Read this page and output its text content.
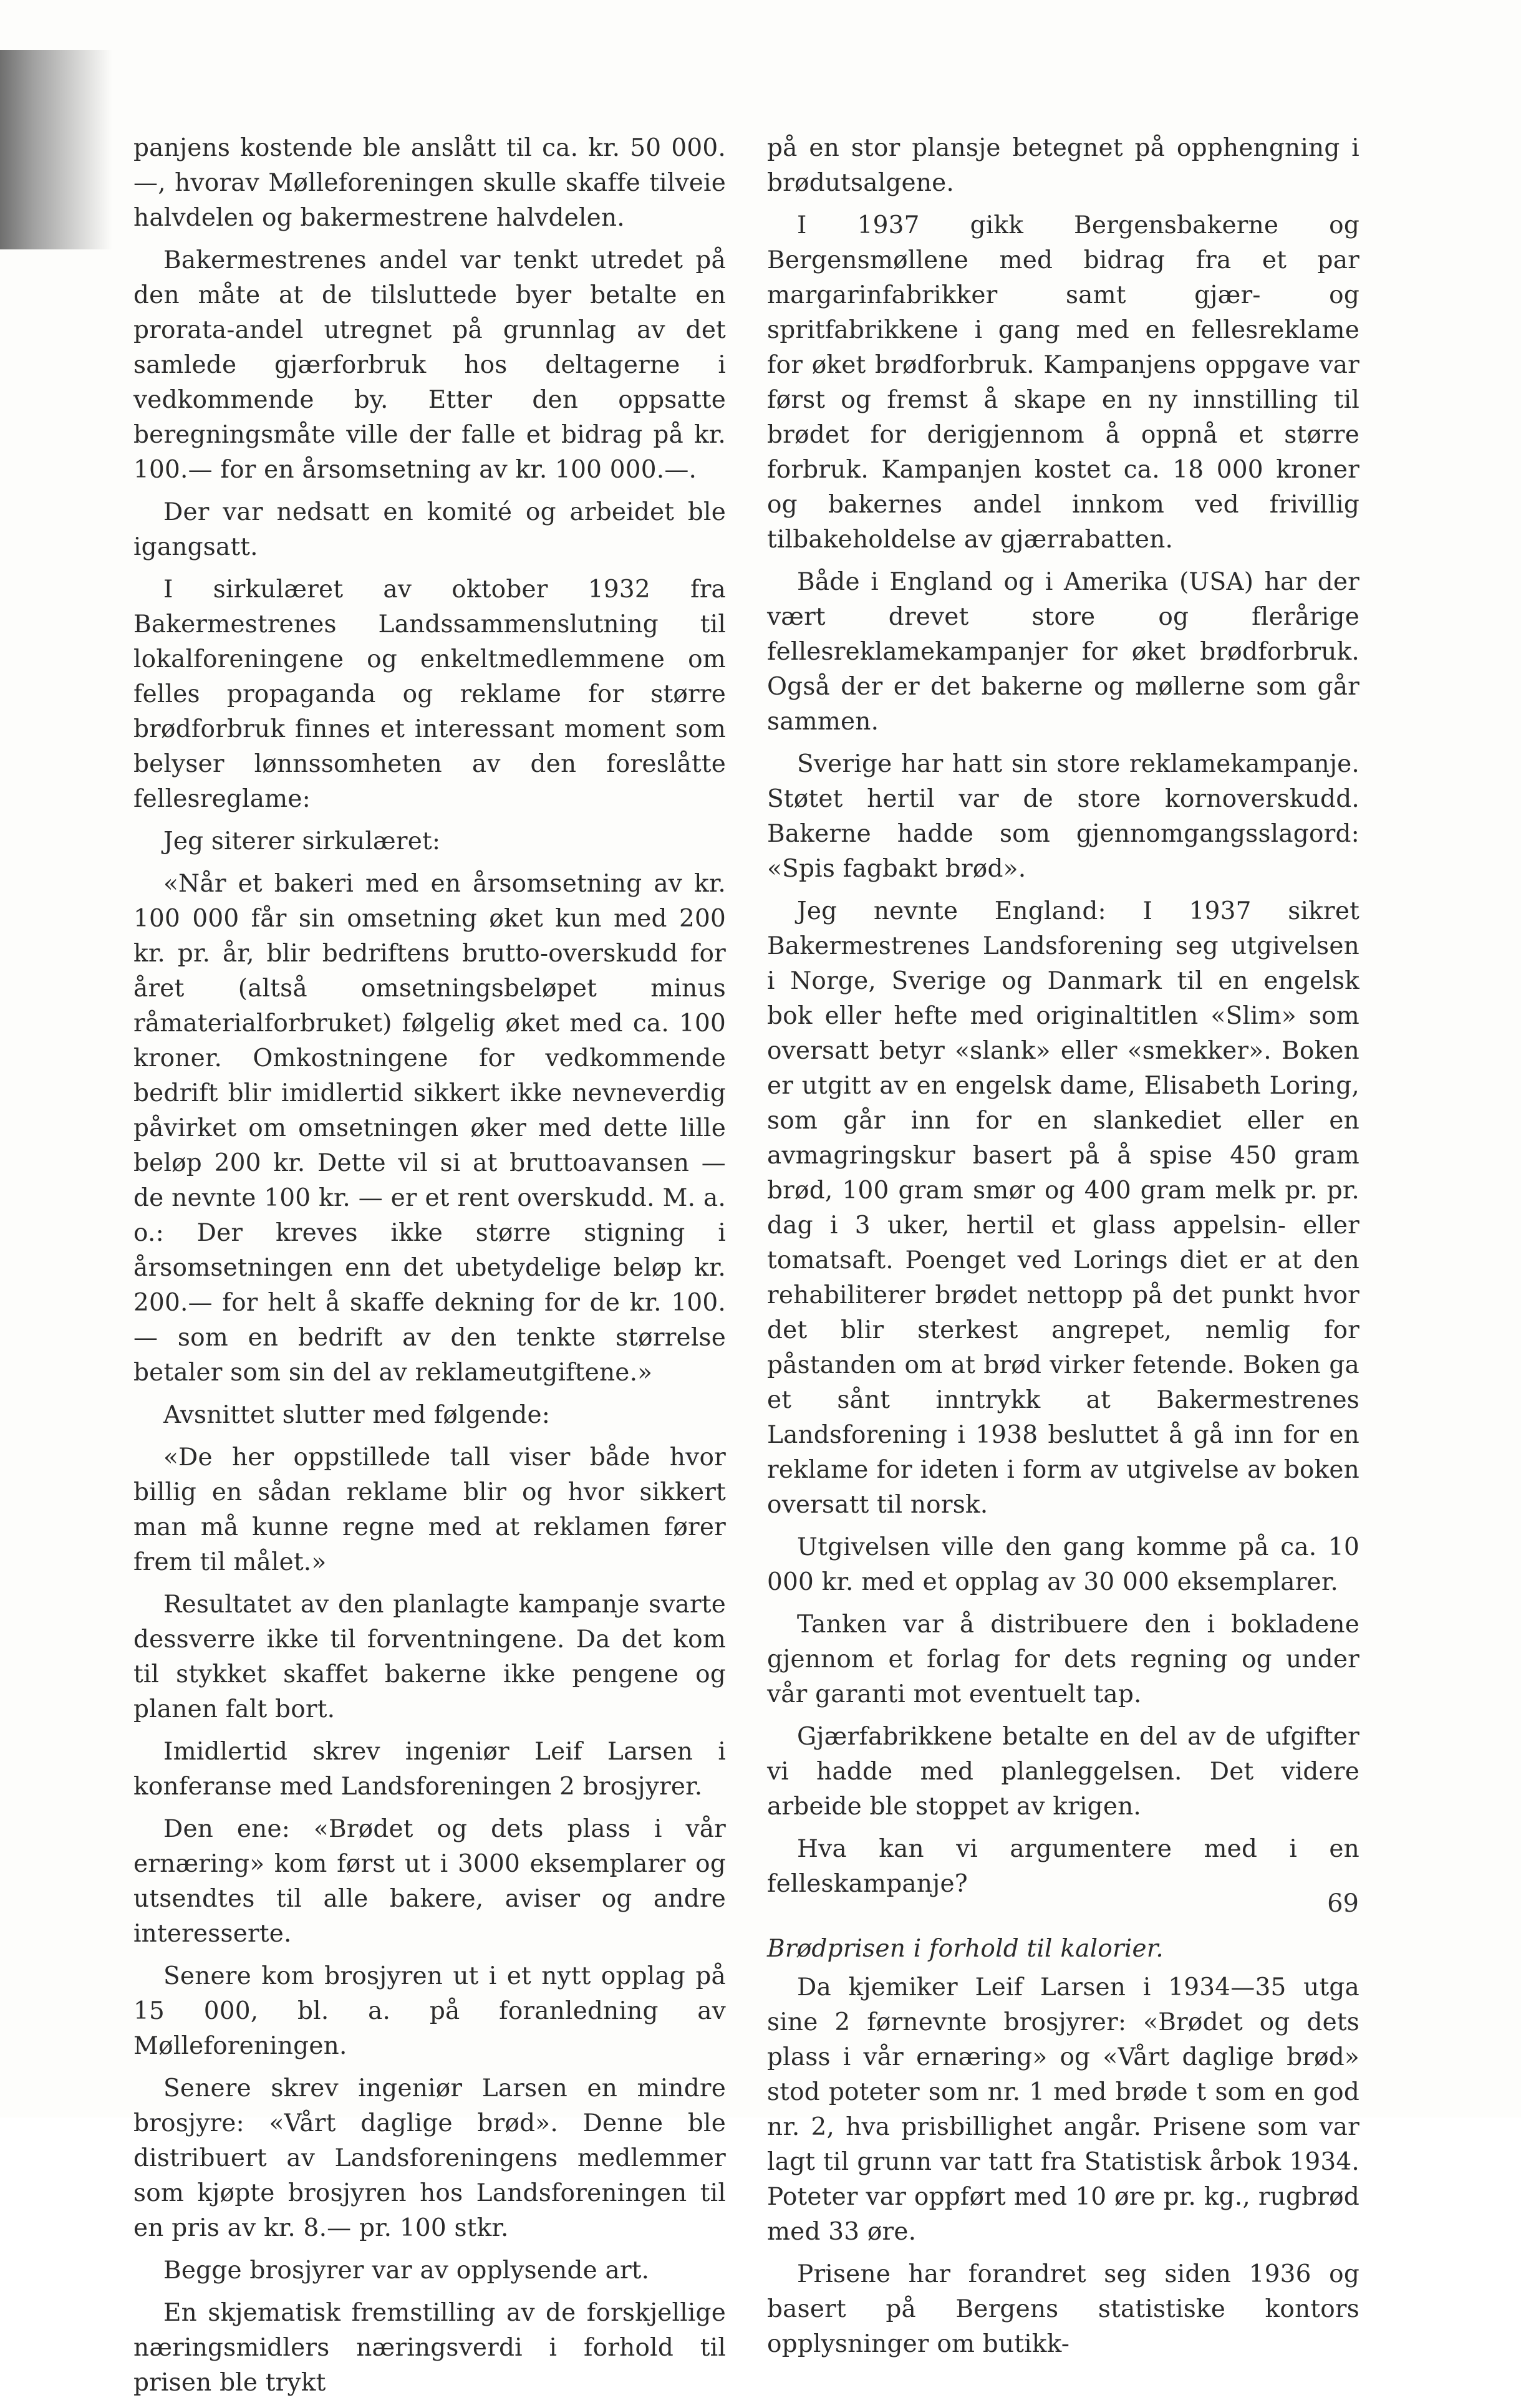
panjens kostende ble anslått til ca. kr. 50 000.—, hvorav Mølleforeningen skulle skaffe tilveie halvdelen og bakermestrene halvdelen.

Bakermestrenes andel var tenkt utredet på den måte at de tilsluttede byer betalte en prorata-andel utregnet på grunnlag av det samlede gjærforbruk hos deltagerne i vedkommende by. Etter den oppsatte beregningsmåte ville der falle et bidrag på kr. 100.— for en årsomsetning av kr. 100 000.—.

Der var nedsatt en komité og arbeidet ble igangsatt.

I sirkulæret av oktober 1932 fra Bakermestrenes Landssammenslutning til lokalforeningene og enkeltmedlemmene om felles propaganda og reklame for større brødforbruk finnes et interessant moment som belyser lønnssomheten av den foreslåtte fellesreglame:

Jeg siterer sirkulæret:

«Når et bakeri med en årsomsetning av kr. 100 000 får sin omsetning øket kun med 200 kr. pr. år, blir bedriftens brutto-overskudd for året (altså omsetningsbeløpet minus råmaterialforbruket) følgelig øket med ca. 100 kroner. Omkostningene for vedkommende bedrift blir imidlertid sikkert ikke nevneverdig påvirket om omsetningen øker med dette lille beløp 200 kr. Dette vil si at bruttoavansen — de nevnte 100 kr. — er et rent overskudd. M. a. o.: Der kreves ikke større stigning i årsomsetningen enn det ubetydelige beløp kr. 200.— for helt å skaffe dekning for de kr. 100.— som en bedrift av den tenkte størrelse betaler som sin del av reklameutgiftene.»

Avsnittet slutter med følgende:

«De her oppstillede tall viser både hvor billig en sådan reklame blir og hvor sikkert man må kunne regne med at reklamen fører frem til målet.»

Resultatet av den planlagte kampanje svarte dessverre ikke til forventningene. Da det kom til stykket skaffet bakerne ikke pengene og planen falt bort.

Imidlertid skrev ingeniør Leif Larsen i konferanse med Landsforeningen 2 brosjyrer.

Den ene: «Brødet og dets plass i vår ernæring» kom først ut i 3000 eksemplarer og utsendtes til alle bakere, aviser og andre interesserte.

Senere kom brosjyren ut i et nytt opplag på 15 000, bl. a. på foranledning av Mølleforeningen.

Senere skrev ingeniør Larsen en mindre brosjyre: «Vårt daglige brød». Denne ble distribuert av Landsforeningens medlemmer som kjøpte brosjyren hos Landsforeningen til en pris av kr. 8.— pr. 100 stkr.

Begge brosjyrer var av opplysende art.

En skjematisk fremstilling av de forskjellige næringsmidlers næringsverdi i forhold til prisen ble trykt

på en stor plansje betegnet på opphengning i brødutsalgene.

I 1937 gikk Bergensbakerne og Bergensmøllene med bidrag fra et par margarinfabrikker samt gjær- og spritfabrikkene i gang med en fellesreklame for øket brødforbruk. Kampanjens oppgave var først og fremst å skape en ny innstilling til brødet for derigjennom å oppnå et større forbruk. Kampanjen kostet ca. 18 000 kroner og bakernes andel innkom ved frivillig tilbakeholdelse av gjærrabatten.

Både i England og i Amerika (USA) har der vært drevet store og flerårige fellesreklamekampanjer for øket brødforbruk. Også der er det bakerne og møllerne som går sammen.

Sverige har hatt sin store reklamekampanje. Støtet hertil var de store kornoverskudd. Bakerne hadde som gjennomgangsslagord: «Spis fagbakt brød».

Jeg nevnte England: I 1937 sikret Bakermestrenes Landsforening seg utgivelsen i Norge, Sverige og Danmark til en engelsk bok eller hefte med originaltitlen «Slim» som oversatt betyr «slank» eller «smekker». Boken er utgitt av en engelsk dame, Elisabeth Loring, som går inn for en slankediet eller en avmagringskur basert på å spise 450 gram brød, 100 gram smør og 400 gram melk pr. pr. dag i 3 uker, hertil et glass appelsin- eller tomatsaft. Poenget ved Lorings diet er at den rehabiliterer brødet nettopp på det punkt hvor det blir sterkest angrepet, nemlig for påstanden om at brød virker fetende. Boken ga et sånt inntrykk at Bakermestrenes Landsforening i 1938 besluttet å gå inn for en reklame for ideten i form av utgivelse av boken oversatt til norsk.

Utgivelsen ville den gang komme på ca. 10 000 kr. med et opplag av 30 000 eksemplarer.

Tanken var å distribuere den i bokladene gjennom et forlag for dets regning og under vår garanti mot eventuelt tap.

Gjærfabrikkene betalte en del av de ufgifter vi hadde med planleggelsen. Det videre arbeide ble stoppet av krigen.

Hva kan vi argumentere med i en felleskampanje?

Brødprisen i forhold til kalorier.

Da kjemiker Leif Larsen i 1934—35 utga sine 2 førnevnte brosjyrer: «Brødet og dets plass i vår ernæring» og «Vårt daglige brød» stod poteter som nr. 1 med brøde t som en god nr. 2, hva prisbillighet angår. Prisene som var lagt til grunn var tatt fra Statistisk årbok 1934. Poteter var oppført med 10 øre pr. kg., rugbrød med 33 øre.

Prisene har forandret seg siden 1936 og basert på Bergens statistiske kontors opplysninger om butikk-

69
